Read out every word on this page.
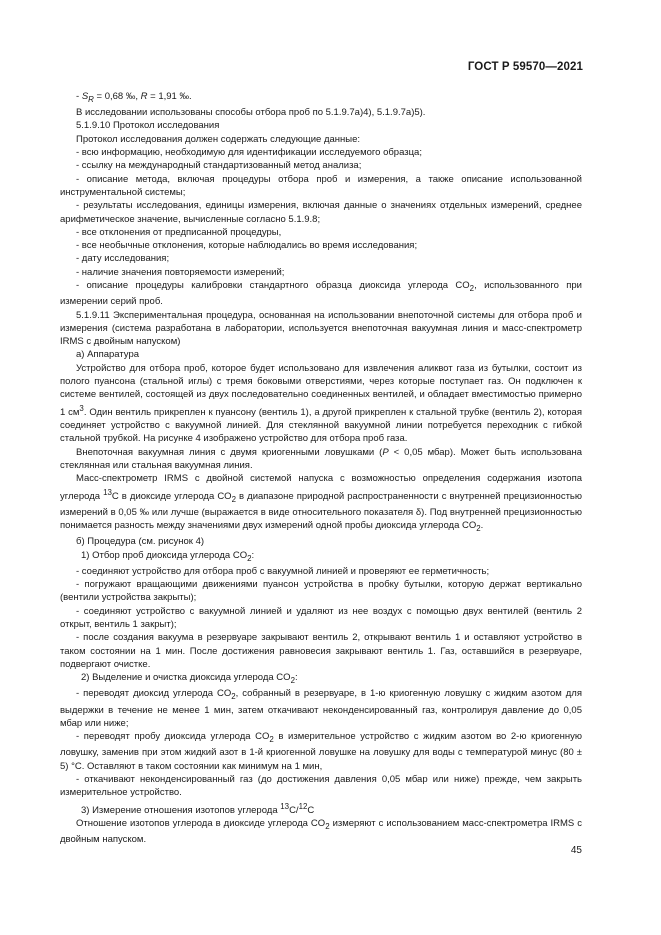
ГОСТ Р 59570—2021

- $S_R = 0,68$ ‰, R = 1,91 ‰.

В исследовании использованы способы отбора проб по 5.1.9.7а)4), 5.1.9.7а)5).

5.1.9.10 Протокол исследования

Протокол исследования должен содержать следующие данные:

- всю информацию, необходимую для идентификации исследуемого образца;

- ссылку на международный стандартизованный метод анализа;

- описание метода, включая процедуры отбора проб и измерения, а также описание использованной инструментальной системы;

- результаты исследования, единицы измерения, включая данные о значениях отдельных измерений, среднее арифметическое значение, вычисленные согласно 5.1.9.8;

- все отклонения от предписанной процедуры,

- все необычные отклонения, которые наблюдались во время исследования;

- дату исследования;

- наличие значения повторяемости измерений;

- описание процедуры калибровки стандартного образца диоксида углерода $CO_2$, использованного при измерении серий проб.

5.1.9.11 Экспериментальная процедура, основанная на использовании внепоточной системы для отбора проб и измерения (система разработана в лаборатории, используется внепоточная вакуумная линия и масс-спектрометр IRMS с двойным напуском)

а) Аппаратура

Устройство для отбора проб, которое будет использовано для извлечения аликвот газа из бутылки, состоит из полого пуансона (стальной иглы) с тремя боковыми отверстиями, через которые поступает газ. Он подключен к системе вентилей, состоящей из двух последовательно соединенных вентилей, и обладает вместимостью примерно 1 $см^3$. Один вентиль прикреплен к пуансону (вентиль 1), а другой прикреплен к стальной трубке (вентиль 2), которая соединяет устройство с вакуумной линией. Для стеклянной вакуумной линии потребуется переходник с гибкой стальной трубкой. На рисунке 4 изображено устройство для отбора проб газа.

Внепоточная вакуумная линия с двумя криогенными ловушками (P < 0,05 мбар). Может быть использована стеклянная или стальная вакуумная линия.

Масс-спектрометр IRMS с двойной системой напуска с возможностью определения содержания изотопа углерода $^{13}$C в диоксиде углерода $CO_2$ в диапазоне природной распространенности с внутренней прецизионностью измерений в 0,05 ‰ или лучше (выражается в виде относительного показателя δ). Под внутренней прецизионностью понимается разность между значениями двух измерений одной пробы диоксида углерода $CO_2$.

б) Процедура (см. рисунок 4)

1) Отбор проб диоксида углерода $CO_2$:

- соединяют устройство для отбора проб с вакуумной линией и проверяют ее герметичность;

- погружают вращающими движениями пуансон устройства в пробку бутылки, которую держат вертикально (вентили устройства закрыты);

- соединяют устройство с вакуумной линией и удаляют из нее воздух с помощью двух вентилей (вентиль 2 открыт, вентиль 1 закрыт);

- после создания вакуума в резервуаре закрывают вентиль 2, открывают вентиль 1 и оставляют устройство в таком состоянии на 1 мин. После достижения равновесия закрывают вентиль 1. Газ, оставшийся в резервуаре, подвергают очистке.

2) Выделение и очистка диоксида углерода $CO_2$:

- переводят диоксид углерода $CO_2$, собранный в резервуаре, в 1-ю криогенную ловушку с жидким азотом для выдержки в течение не менее 1 мин, затем откачивают неконденсированный газ, контролируя давление до 0,05 мбар или ниже;

- переводят пробу диоксида углерода $CO_2$ в измерительное устройство с жидким азотом во 2-ю криогенную ловушку, заменив при этом жидкий азот в 1-й криогенной ловушке на ловушку для воды с температурой минус (80 ± 5) °C. Оставляют в таком состоянии как минимум на 1 мин,

- откачивают неконденсированный газ (до достижения давления 0,05 мбар или ниже) прежде, чем закрыть измерительное устройство.

3) Измерение отношения изотопов углерода $^{13}$C/$^{12}$C

Отношение изотопов углерода в диоксиде углерода $CO_2$ измеряют с использованием масс-спектрометра IRMS с двойным напуском.

45
